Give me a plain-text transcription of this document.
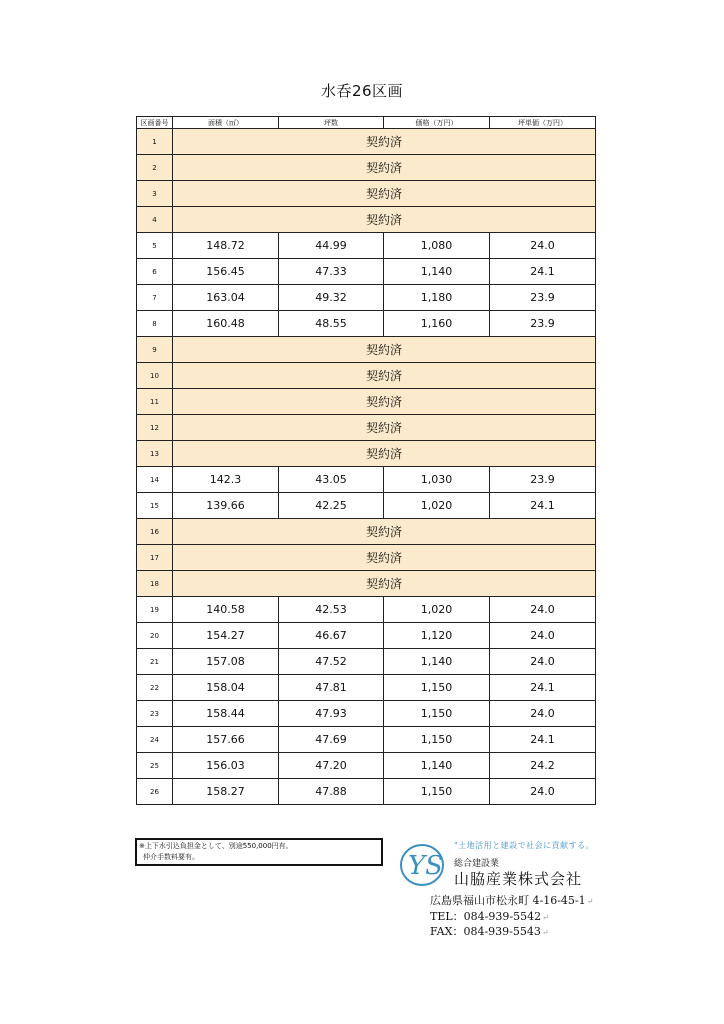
水呑26区画
区画番号	面積（㎡）	坪数	価格（万円）	坪単価（万円）
1	契約済			
2	契約済			
3	契約済			
4	契約済			
5	148.72	44.99	1,080	24.0
6	156.45	47.33	1,140	24.1
7	163.04	49.32	1,180	23.9
8	160.48	48.55	1,160	23.9
9	契約済			
10	契約済			
11	契約済			
12	契約済			
13	契約済			
14	142.3	43.05	1,030	23.9
15	139.66	42.25	1,020	24.1
16	契約済			
17	契約済			
18	契約済			
19	140.58	42.53	1,020	24.0
20	154.27	46.67	1,120	24.0
21	157.08	47.52	1,140	24.0
22	158.04	47.81	1,150	24.1
23	158.44	47.93	1,150	24.0
24	157.66	47.69	1,150	24.1
25	156.03	47.20	1,140	24.2
26	158.27	47.88	1,150	24.0
※上下水引込負担金として、別途550,000円有。
仲介手数料要有。	YS
"土地活用と建設で社会に貢献する。
総合建設業
山脇産業株式会社
広島県福山市松永町 4-16-45-1↵
TEL：084-939-5542↵
FAX：084-939-5543↵
